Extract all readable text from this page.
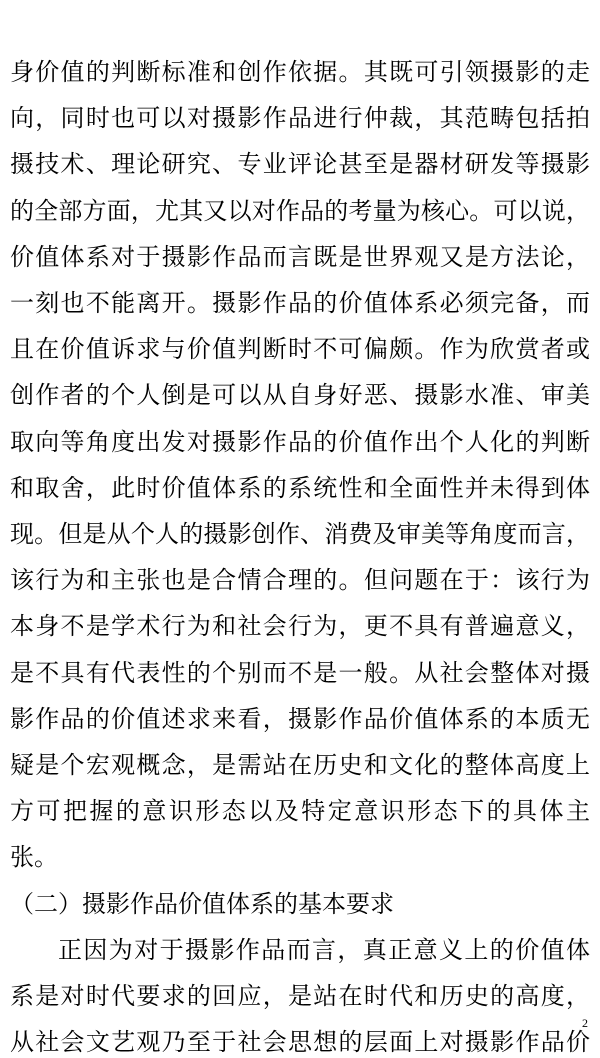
身价值的判断标准和创作依据。其既可引领摄影的走
向，同时也可以对摄影作品进行仲裁，其范畴包括拍
摄技术、理论研究、专业评论甚至是器材研发等摄影
的全部方面，尤其又以对作品的考量为核心。可以说，
价值体系对于摄影作品而言既是世界观又是方法论，
一刻也不能离开。摄影作品的价值体系必须完备，而
且在价值诉求与价值判断时不可偏颇。作为欣赏者或
创作者的个人倒是可以从自身好恶、摄影水准、审美
取向等角度出发对摄影作品的价值作出个人化的判断
和取舍，此时价值体系的系统性和全面性并未得到体
现。但是从个人的摄影创作、消费及审美等角度而言，
该行为和主张也是合情合理的。但问题在于：该行为
本身不是学术行为和社会行为，更不具有普遍意义，
是不具有代表性的个别而不是一般。从社会整体对摄
影作品的价值述求来看，摄影作品价值体系的本质无
疑是个宏观概念，是需站在历史和文化的整体高度上
方可把握的意识形态以及特定意识形态下的具体主
张。
（二）摄影作品价值体系的基本要求
正因为对于摄影作品而言，真正意义上的价值体
系是对时代要求的回应，是站在时代和历史的高度，
从社会文艺观乃至于社会思想的层面上对摄影作品价
2
